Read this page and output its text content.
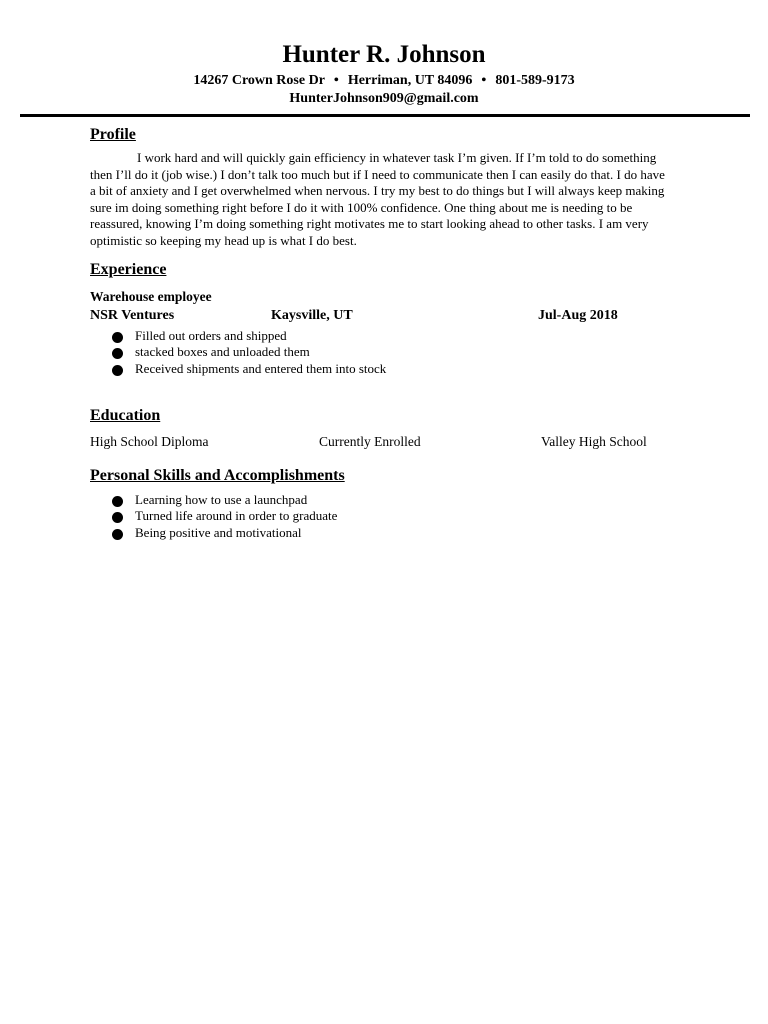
Hunter R. Johnson
14267 Crown Rose Dr • Herriman, UT 84096 • 801-589-9173
HunterJohnson909@gmail.com
Profile

I work hard and will quickly gain efficiency in whatever task I’m given. If I’m told to do something then I’ll do it (job wise.) I don’t talk too much but if I need to communicate then I can easily do that. I do have a bit of anxiety and I get overwhelmed when nervous. I try my best to do things but I will always keep making sure im doing something right before I do it with 100% confidence. One thing about me is needing to be reassured, knowing I’m doing something right motivates me to start looking ahead to other tasks. I am very optimistic so keeping my head up is what I do best.

Experience
Warehouse employee
NSR Ventures	Kaysville, UT	Jul-Aug 2018
Filled out orders and shipped
stacked boxes and unloaded them
Received shipments and entered them into stock
Education
High School Diploma	Currently Enrolled	Valley High School
Personal Skills and Accomplishments
Learning how to use a launchpad
Turned life around in order to graduate
Being positive and motivational
